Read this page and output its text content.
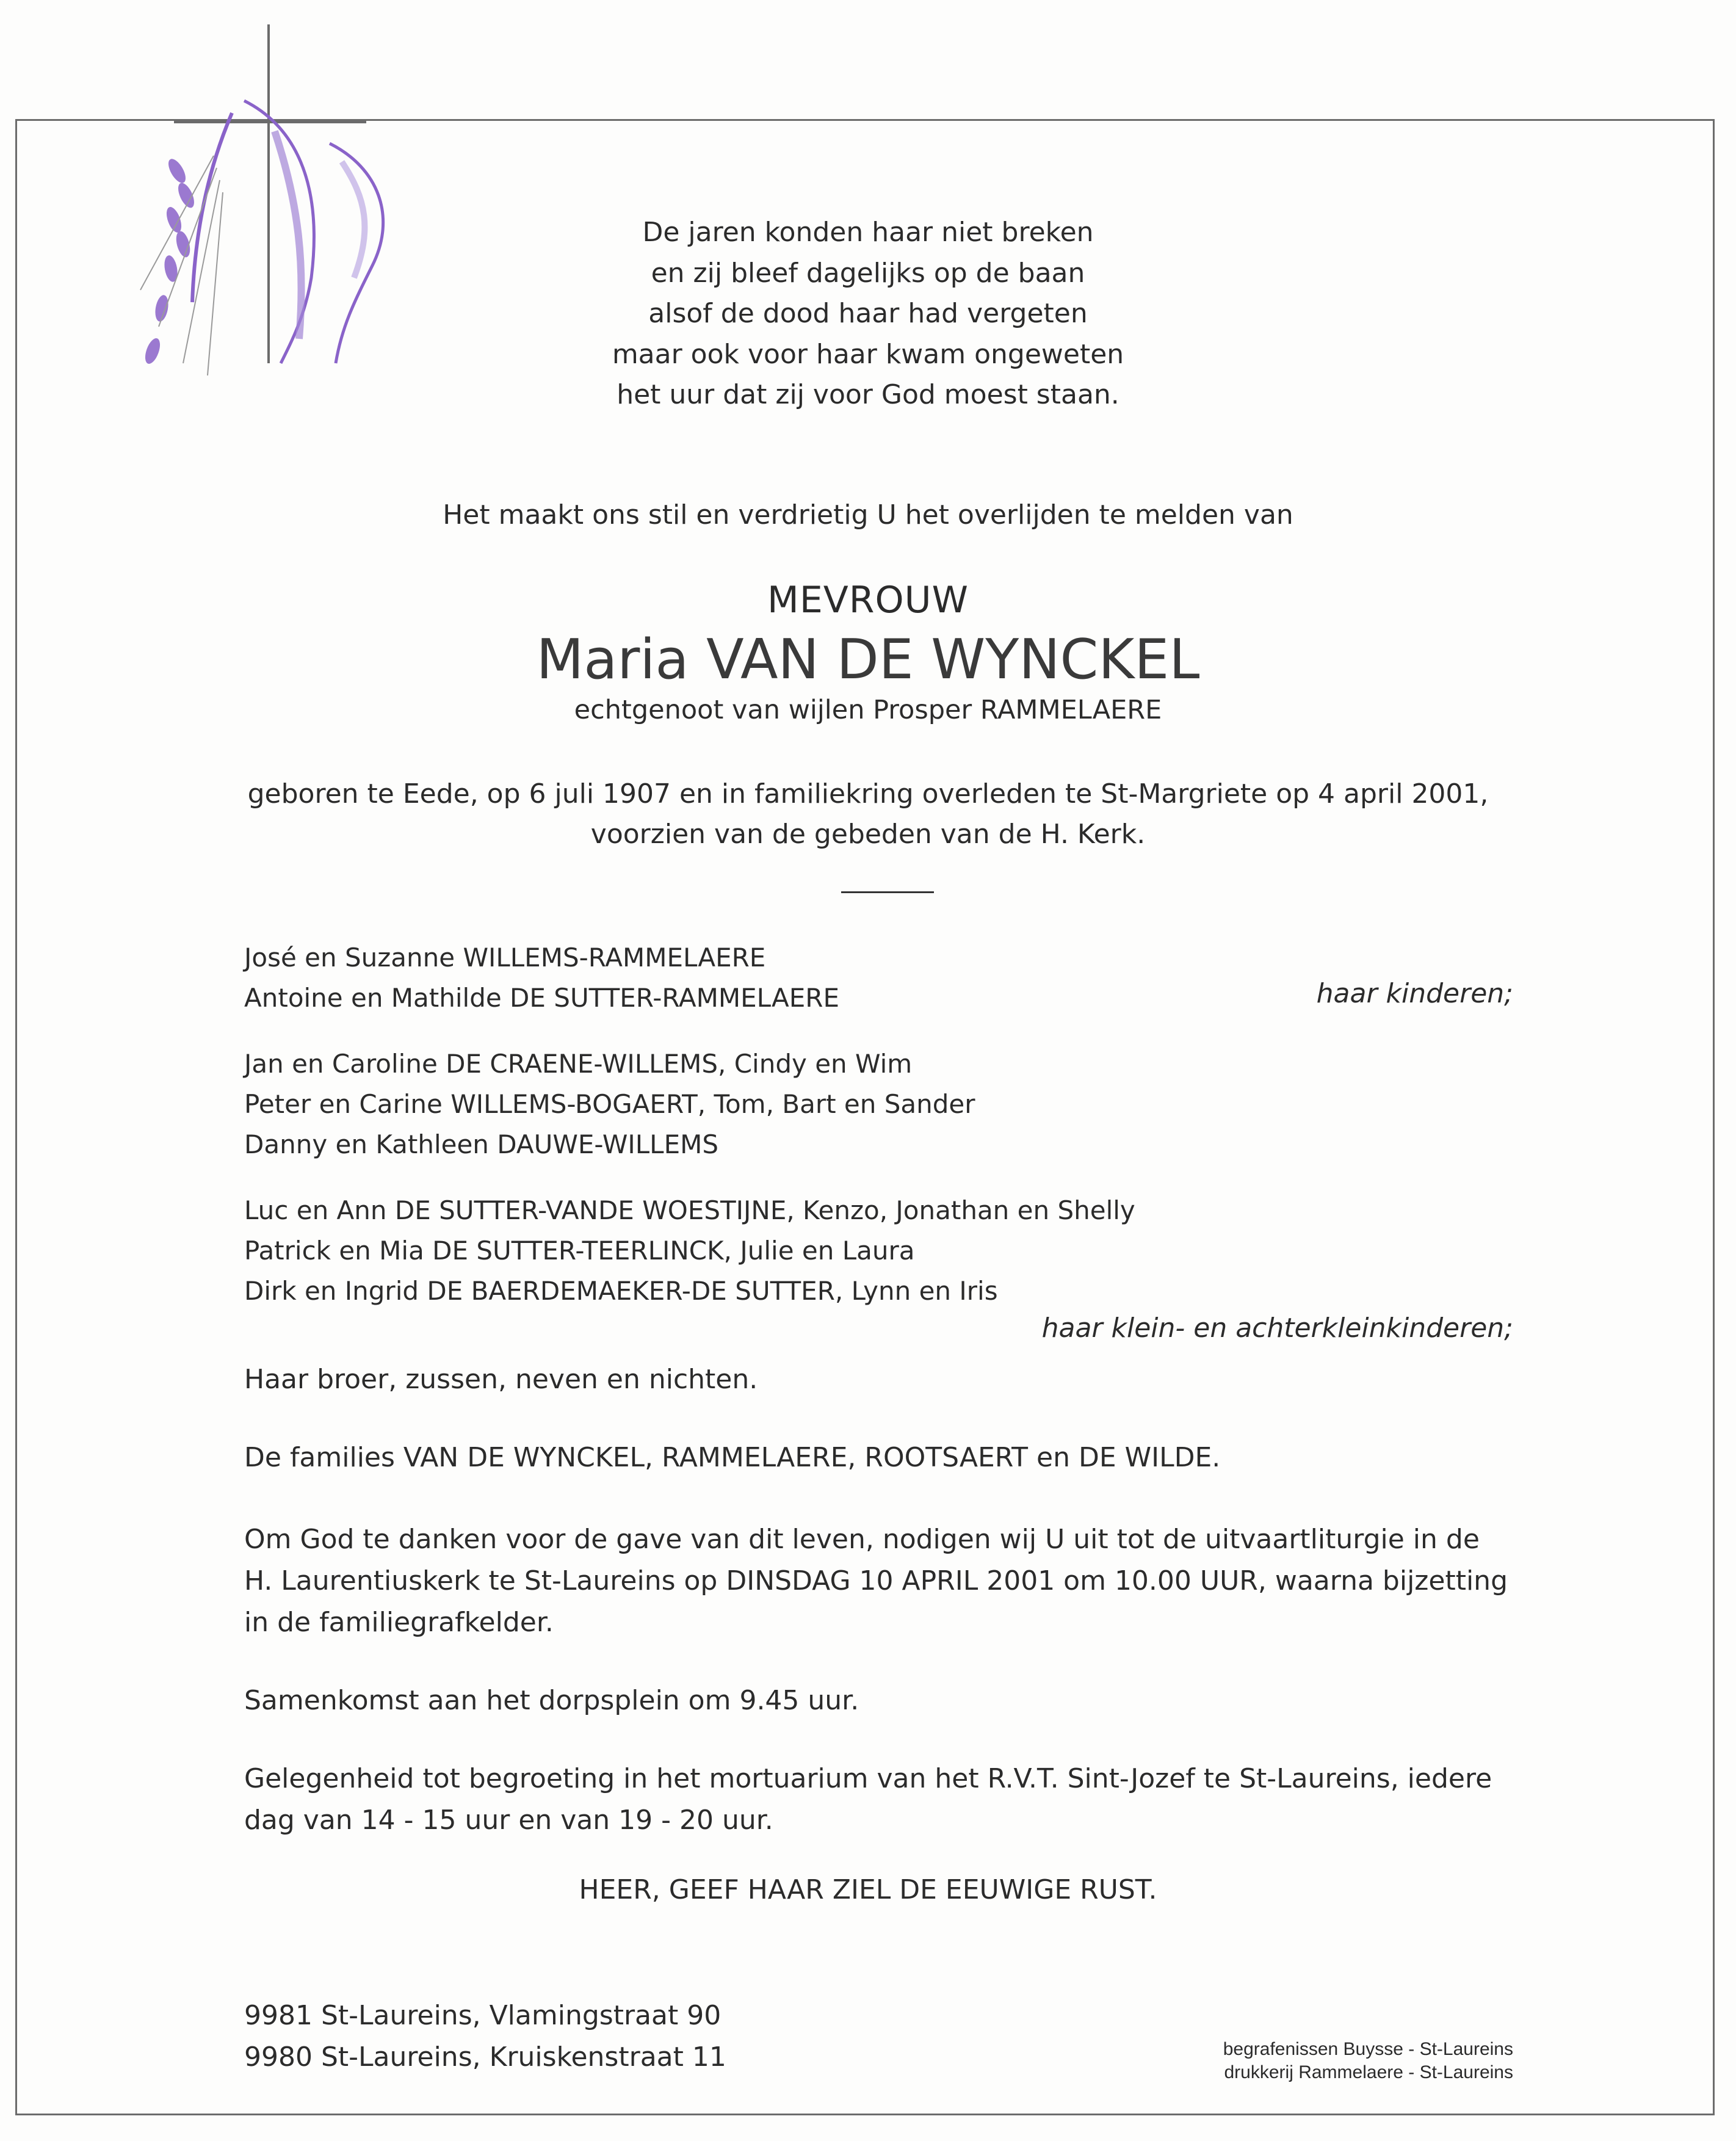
De jaren konden haar niet breken
en zij bleef dagelijks op de baan
alsof de dood haar had vergeten
maar ook voor haar kwam ongeweten
het uur dat zij voor God moest staan.
Het maakt ons stil en verdrietig U het overlijden te melden van
MEVROUW
Maria VAN DE WYNCKEL
echtgenoot van wijlen Prosper RAMMELAERE
geboren te Eede, op 6 juli 1907 en in familiekring overleden te St-Margriete op 4 april 2001,
voorzien van de gebeden van de H. Kerk.
José en Suzanne WILLEMS-RAMMELAERE
Antoine en Mathilde DE SUTTER-RAMMELAERE	haar kinderen;
Jan en Caroline DE CRAENE-WILLEMS, Cindy en Wim
Peter en Carine WILLEMS-BOGAERT, Tom, Bart en Sander
Danny en Kathleen DAUWE-WILLEMS
Luc en Ann DE SUTTER-VANDE WOESTIJNE, Kenzo, Jonathan en Shelly
Patrick en Mia DE SUTTER-TEERLINCK, Julie en Laura
Dirk en Ingrid DE BAERDEMAEKER-DE SUTTER, Lynn en Iris
haar klein- en achterkleinkinderen;
Haar broer, zussen, neven en nichten.
De families VAN DE WYNCKEL, RAMMELAERE, ROOTSAERT en DE WILDE.
Om God te danken voor de gave van dit leven, nodigen wij U uit tot de uitvaartliturgie in de H. Laurentiuskerk te St-Laureins op DINSDAG 10 APRIL 2001 om 10.00 UUR, waarna bijzetting in de familiegrafkelder.
Samenkomst aan het dorpsplein om 9.45 uur.
Gelegenheid tot begroeting in het mortuarium van het R.V.T. Sint-Jozef te St-Laureins, iedere dag van 14 - 15 uur en van 19 - 20 uur.
HEER, GEEF HAAR ZIEL DE EEUWIGE RUST.
9981 St-Laureins, Vlamingstraat 90
9980 St-Laureins, Kruiskenstraat 11	begrafenissen Buysse - St-Laureins
drukkerij Rammelaere - St-Laureins
